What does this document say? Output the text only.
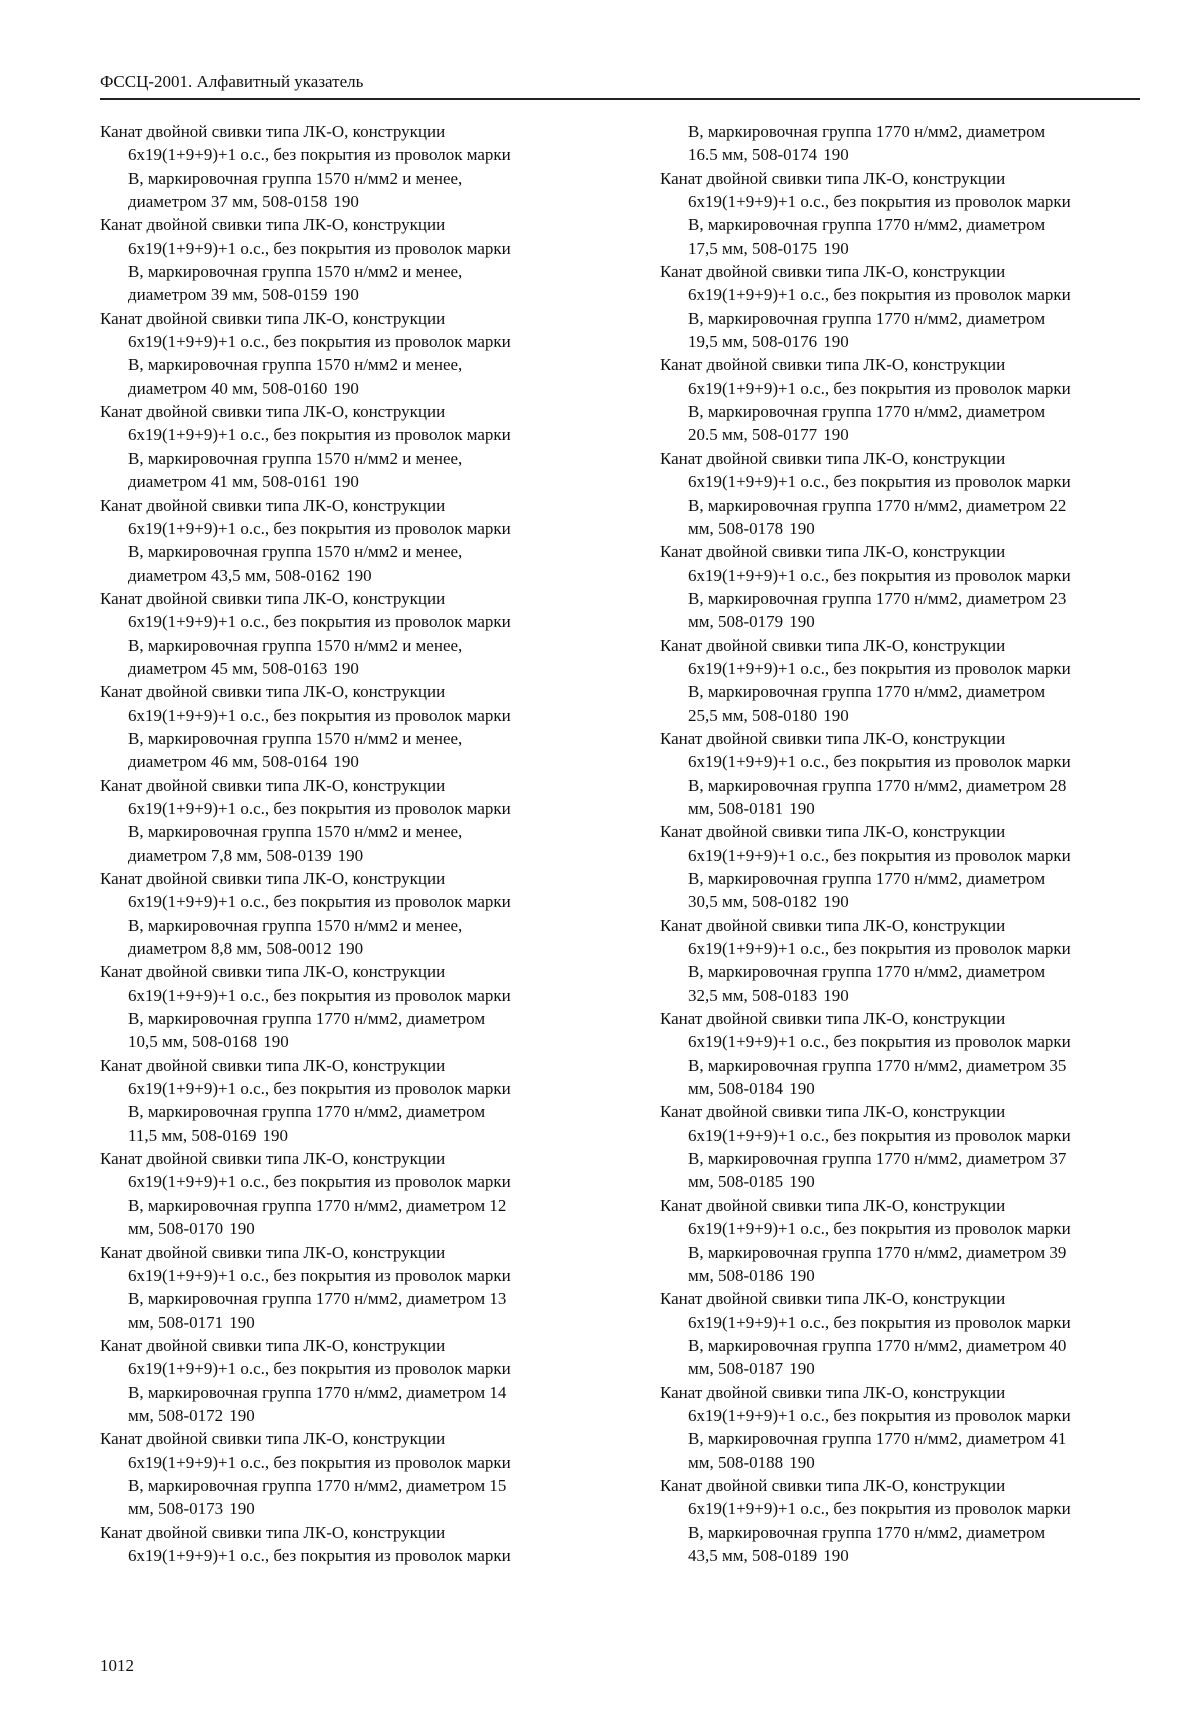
ФССЦ-2001. Алфавитный указатель
Канат двойной свивки типа ЛК-О, конструкции
6x19(1+9+9)+1 о.с., без покрытия из проволок марки
В, маркировочная группа 1570 н/мм2 и менее,
диаметром 37 мм, 508-0158 190
Канат двойной свивки типа ЛК-О, конструкции
6x19(1+9+9)+1 о.с., без покрытия из проволок марки
В, маркировочная группа 1570 н/мм2 и менее,
диаметром 39 мм, 508-0159 190
Канат двойной свивки типа ЛК-О, конструкции
6x19(1+9+9)+1 о.с., без покрытия из проволок марки
В, маркировочная группа 1570 н/мм2 и менее,
диаметром 40 мм, 508-0160 190
Канат двойной свивки типа ЛК-О, конструкции
6x19(1+9+9)+1 о.с., без покрытия из проволок марки
В, маркировочная группа 1570 н/мм2 и менее,
диаметром 41 мм, 508-0161 190
Канат двойной свивки типа ЛК-О, конструкции
6x19(1+9+9)+1 о.с., без покрытия из проволок марки
В, маркировочная группа 1570 н/мм2 и менее,
диаметром 43,5 мм, 508-0162 190
Канат двойной свивки типа ЛК-О, конструкции
6x19(1+9+9)+1 о.с., без покрытия из проволок марки
В, маркировочная группа 1570 н/мм2 и менее,
диаметром 45 мм, 508-0163 190
Канат двойной свивки типа ЛК-О, конструкции
6x19(1+9+9)+1 о.с., без покрытия из проволок марки
В, маркировочная группа 1570 н/мм2 и менее,
диаметром 46 мм, 508-0164 190
Канат двойной свивки типа ЛК-О, конструкции
6x19(1+9+9)+1 о.с., без покрытия из проволок марки
В, маркировочная группа 1570 н/мм2 и менее,
диаметром 7,8 мм, 508-0139 190
Канат двойной свивки типа ЛК-О, конструкции
6x19(1+9+9)+1 о.с., без покрытия из проволок марки
В, маркировочная группа 1570 н/мм2 и менее,
диаметром 8,8 мм, 508-0012 190
Канат двойной свивки типа ЛК-О, конструкции
6x19(1+9+9)+1 о.с., без покрытия из проволок марки
В, маркировочная группа 1770 н/мм2, диаметром
10,5 мм, 508-0168 190
Канат двойной свивки типа ЛК-О, конструкции
6x19(1+9+9)+1 о.с., без покрытия из проволок марки
В, маркировочная группа 1770 н/мм2, диаметром
11,5 мм, 508-0169 190
Канат двойной свивки типа ЛК-О, конструкции
6x19(1+9+9)+1 о.с., без покрытия из проволок марки
В, маркировочная группа 1770 н/мм2, диаметром 12
мм, 508-0170 190
Канат двойной свивки типа ЛК-О, конструкции
6x19(1+9+9)+1 о.с., без покрытия из проволок марки
В, маркировочная группа 1770 н/мм2, диаметром 13
мм, 508-0171 190
Канат двойной свивки типа ЛК-О, конструкции
6x19(1+9+9)+1 о.с., без покрытия из проволок марки
В, маркировочная группа 1770 н/мм2, диаметром 14
мм, 508-0172 190
Канат двойной свивки типа ЛК-О, конструкции
6x19(1+9+9)+1 о.с., без покрытия из проволок марки
В, маркировочная группа 1770 н/мм2, диаметром 15
мм, 508-0173 190
Канат двойной свивки типа ЛК-О, конструкции
6x19(1+9+9)+1 о.с., без покрытия из проволок марки
В, маркировочная группа 1770 н/мм2, диаметром
16.5 мм, 508-0174 190
Канат двойной свивки типа ЛК-О, конструкции
6x19(1+9+9)+1 о.с., без покрытия из проволок марки
В, маркировочная группа 1770 н/мм2, диаметром
17,5 мм, 508-0175 190
Канат двойной свивки типа ЛК-О, конструкции
6x19(1+9+9)+1 о.с., без покрытия из проволок марки
В, маркировочная группа 1770 н/мм2, диаметром
19,5 мм, 508-0176 190
Канат двойной свивки типа ЛК-О, конструкции
6x19(1+9+9)+1 о.с., без покрытия из проволок марки
В, маркировочная группа 1770 н/мм2, диаметром
20.5 мм, 508-0177 190
Канат двойной свивки типа ЛК-О, конструкции
6x19(1+9+9)+1 о.с., без покрытия из проволок марки
В, маркировочная группа 1770 н/мм2, диаметром 22
мм, 508-0178 190
Канат двойной свивки типа ЛК-О, конструкции
6x19(1+9+9)+1 о.с., без покрытия из проволок марки
В, маркировочная группа 1770 н/мм2, диаметром 23
мм, 508-0179 190
Канат двойной свивки типа ЛК-О, конструкции
6x19(1+9+9)+1 о.с., без покрытия из проволок марки
В, маркировочная группа 1770 н/мм2, диаметром
25,5 мм, 508-0180 190
Канат двойной свивки типа ЛК-О, конструкции
6x19(1+9+9)+1 о.с., без покрытия из проволок марки
В, маркировочная группа 1770 н/мм2, диаметром 28
мм, 508-0181 190
Канат двойной свивки типа ЛК-О, конструкции
6x19(1+9+9)+1 о.с., без покрытия из проволок марки
В, маркировочная группа 1770 н/мм2, диаметром
30,5 мм, 508-0182 190
Канат двойной свивки типа ЛК-О, конструкции
6x19(1+9+9)+1 о.с., без покрытия из проволок марки
В, маркировочная группа 1770 н/мм2, диаметром
32,5 мм, 508-0183 190
Канат двойной свивки типа ЛК-О, конструкции
6x19(1+9+9)+1 о.с., без покрытия из проволок марки
В, маркировочная группа 1770 н/мм2, диаметром 35
мм, 508-0184 190
Канат двойной свивки типа ЛК-О, конструкции
6x19(1+9+9)+1 о.с., без покрытия из проволок марки
В, маркировочная группа 1770 н/мм2, диаметром 37
мм, 508-0185 190
Канат двойной свивки типа ЛК-О, конструкции
6x19(1+9+9)+1 о.с., без покрытия из проволок марки
В, маркировочная группа 1770 н/мм2, диаметром 39
мм, 508-0186 190
Канат двойной свивки типа ЛК-О, конструкции
6x19(1+9+9)+1 о.с., без покрытия из проволок марки
В, маркировочная группа 1770 н/мм2, диаметром 40
мм, 508-0187 190
Канат двойной свивки типа ЛК-О, конструкции
6x19(1+9+9)+1 о.с., без покрытия из проволок марки
В, маркировочная группа 1770 н/мм2, диаметром 41
мм, 508-0188 190
Канат двойной свивки типа ЛК-О, конструкции
6x19(1+9+9)+1 о.с., без покрытия из проволок марки
В, маркировочная группа 1770 н/мм2, диаметром
43,5 мм, 508-0189 190
1012
